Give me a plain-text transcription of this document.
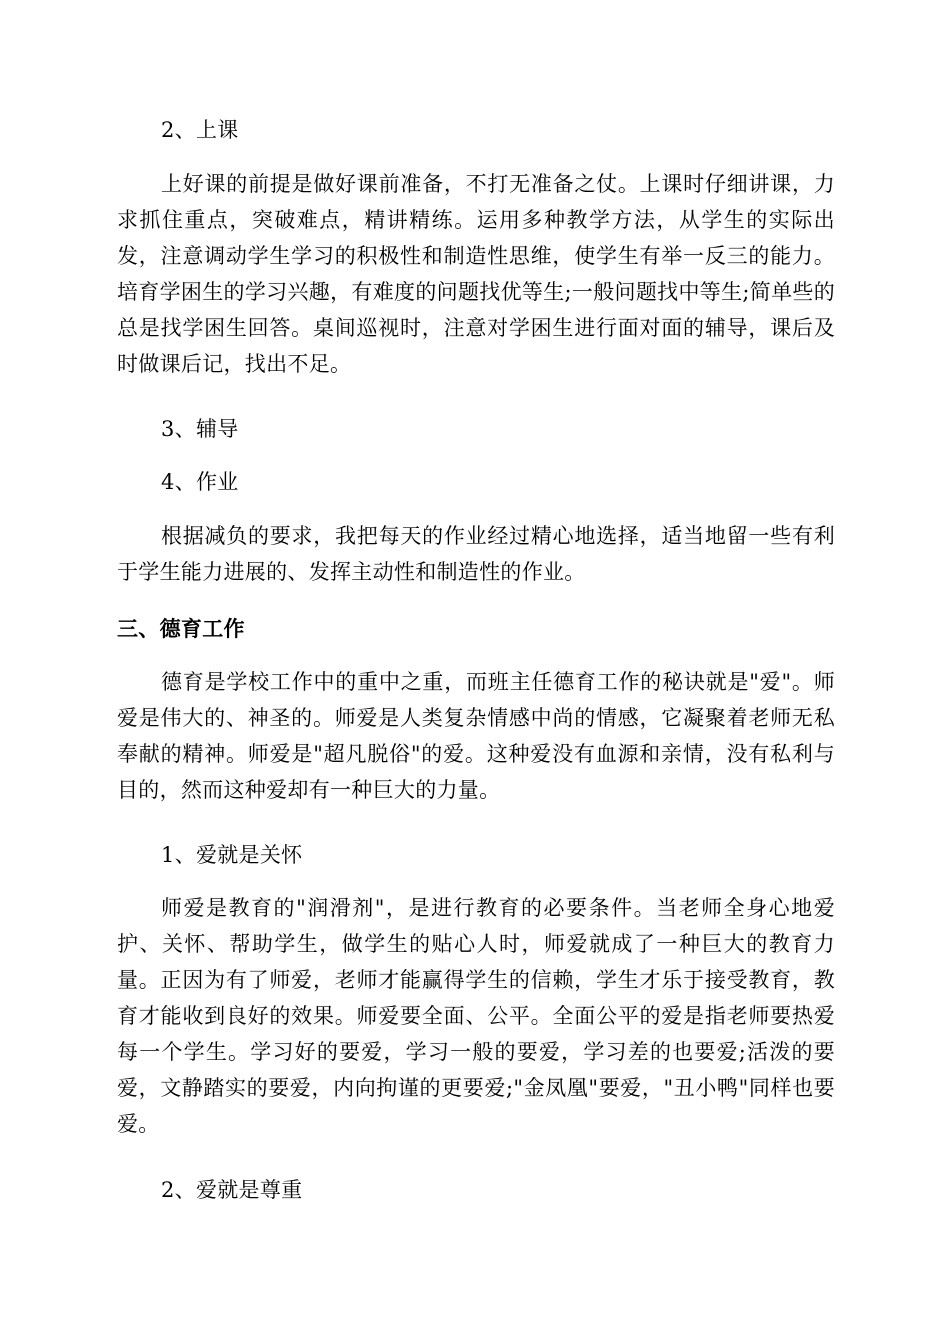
2、上课

上好课的前提是做好课前准备，不打无准备之仗。上课时仔细讲课，力求抓住重点，突破难点，精讲精练。运用多种教学方法，从学生的实际出发，注意调动学生学习的积极性和制造性思维，使学生有举一反三的能力。培育学困生的学习兴趣，有难度的问题找优等生;一般问题找中等生;简单些的总是找学困生回答。桌间巡视时，注意对学困生进行面对面的辅导，课后及时做课后记，找出不足。

3、辅导

4、作业

根据减负的要求，我把每天的作业经过精心地选择，适当地留一些有利于学生能力进展的、发挥主动性和制造性的作业。

三、德育工作

德育是学校工作中的重中之重，而班主任德育工作的秘诀就是"爱"。师爱是伟大的、神圣的。师爱是人类复杂情感中尚的情感，它凝聚着老师无私奉献的精神。师爱是"超凡脱俗"的爱。这种爱没有血源和亲情，没有私利与目的，然而这种爱却有一种巨大的力量。

1、爱就是关怀

师爱是教育的"润滑剂"，是进行教育的必要条件。当老师全身心地爱护、关怀、帮助学生，做学生的贴心人时，师爱就成了一种巨大的教育力量。正因为有了师爱，老师才能赢得学生的信赖，学生才乐于接受教育，教育才能收到良好的效果。师爱要全面、公平。全面公平的爱是指老师要热爱每一个学生。学习好的要爱，学习一般的要爱，学习差的也要爱;活泼的要爱，文静踏实的要爱，内向拘谨的更要爱;"金凤凰"要爱，"丑小鸭"同样也要爱。

2、爱就是尊重
